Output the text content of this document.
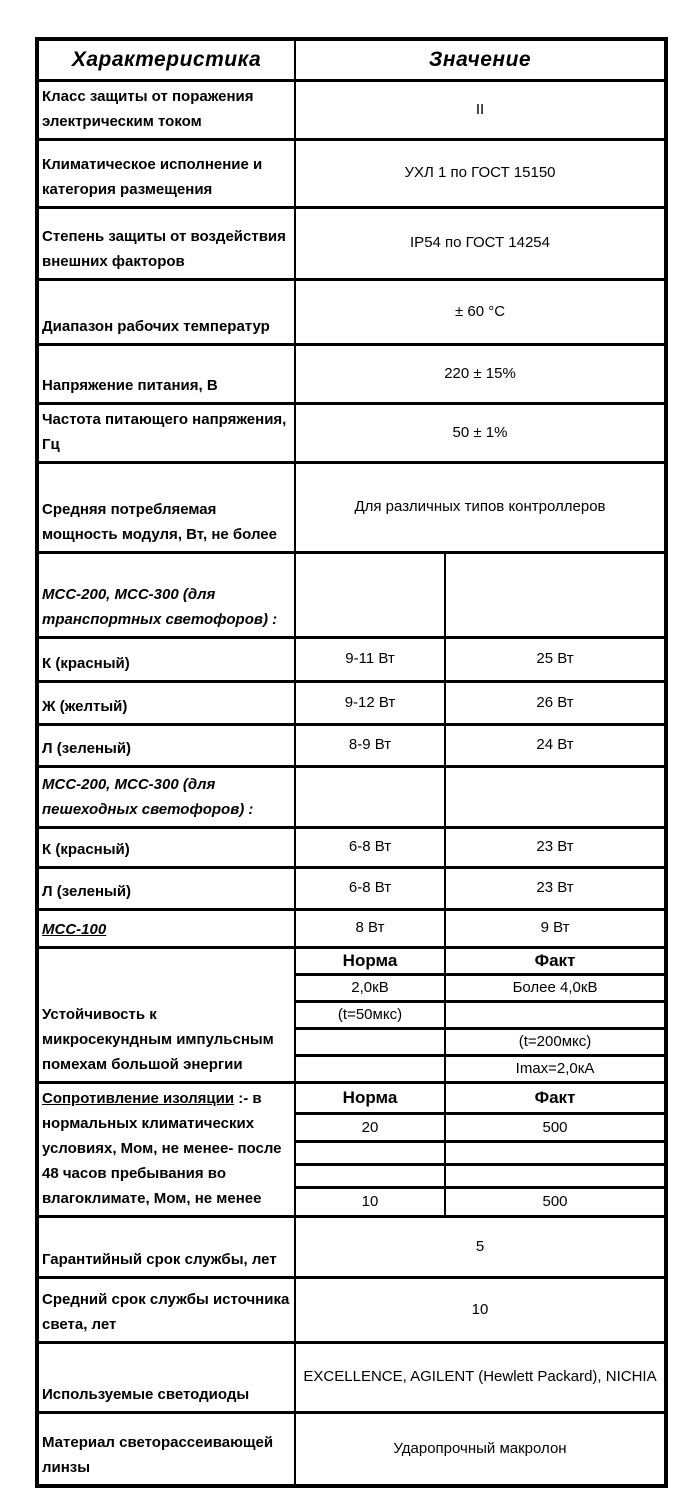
Характеристика	Значение	
Класс защиты от поражения электрическим током	II	
Климатическое исполнение и категория размещения	УХЛ 1 по ГОСТ 15150	
Степень защиты от воздействия внешних факторов	IP54 по ГОСТ 14254	
Диапазон рабочих температур	± 60 °C	
Напряжение питания, В	220 ± 15%	
Частота питающего напряжения, Гц	50 ± 1%	
Средняя потребляемая мощность модуля, Вт, не более	Для различных типов контроллеров	
МСС-200, МСС-300 (для транспортных светофоров) :		
К (красный)	9-11 Вт	25 Вт
Ж (желтый)	9-12 Вт	26 Вт
Л (зеленый)	8-9 Вт	24 Вт
МСС-200, МСС-300 (для пешеходных светофоров) :		
К (красный)	6-8 Вт	23 Вт
Л (зеленый)	6-8 Вт	23 Вт
МСС-100	8 Вт	9 Вт
Устойчивость к микросекундным импульсным помехам большой энергии	Норма	Факт
	2,0кВ	Более 4,0кВ
	(t=50мкс)	
		(t=200мкс)
		Imax=2,0кА
Сопротивление изоляции :- в нормальных климатических условиях, Мом, не менее- после 48 часов пребывания во влагоклимате, Мом, не менее	Норма	Факт
	20	500

	10	500
Гарантийный срок службы, лет	5	
Средний срок службы источника света, лет	10	
Используемые светодиоды	EXCELLENCE, AGILENT (Hewlett Packard), NICHIA	
Материал светорассеивающей линзы	Ударопрочный макролон	
